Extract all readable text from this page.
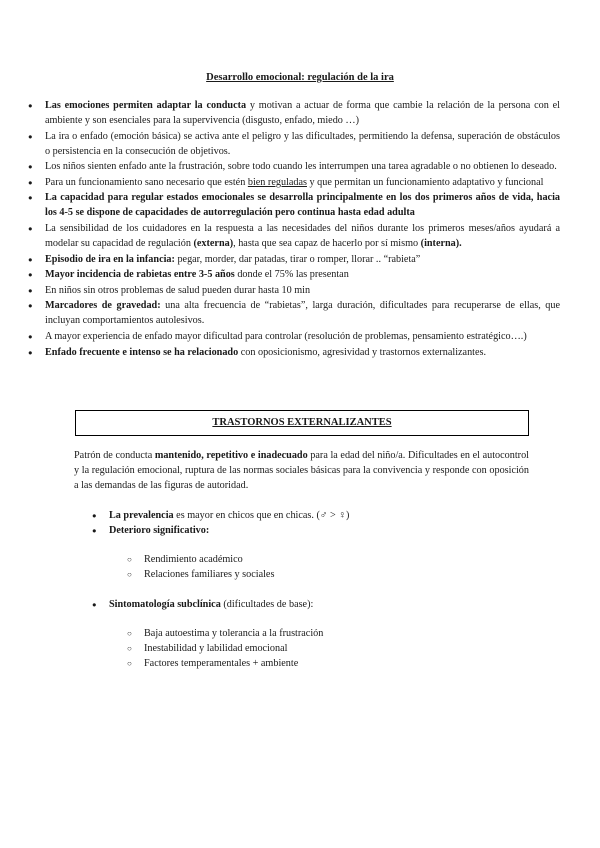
Desarrollo emocional: regulación de la ira
● Las emociones permiten adaptar la conducta y motivan a actuar de forma que cambie la relación de la persona con el ambiente y son esenciales para la supervivencia (disgusto, enfado, miedo …)
● La ira o enfado (emoción básica) se activa ante el peligro y las dificultades, permitiendo la defensa, superación de obstáculos o persistencia en la consecución de objetivos.
● Los niños sienten enfado ante la frustración, sobre todo cuando les interrumpen una tarea agradable o no obtienen lo deseado.
● Para un funcionamiento sano necesario que estén bien reguladas y que permitan un funcionamiento adaptativo y funcional
● La capacidad para regular estados emocionales se desarrolla principalmente en los dos primeros años de vida, hacia los 4-5 se dispone de capacidades de autorregulación pero continua hasta edad adulta
● La sensibilidad de los cuidadores en la respuesta a las necesidades del niños durante los primeros meses/años ayudará a modelar su capacidad de regulación (externa), hasta que sea capaz de hacerlo por sí mismo (interna).
● Episodio de ira en la infancia: pegar, morder, dar patadas, tirar o romper, llorar .. “rabieta”
● Mayor incidencia de rabietas entre 3-5 años donde el 75% las presentan
● En niños sin otros problemas de salud pueden durar hasta 10 min
● Marcadores de gravedad: una alta frecuencia de “rabietas”, larga duración, dificultades para recuperarse de ellas, que incluyan comportamientos autolesivos.
● A mayor experiencia de enfado mayor dificultad para controlar (resolución de problemas, pensamiento estratégico….)
● Enfado frecuente e intenso se ha relacionado con oposicionismo, agresividad y trastornos externalizantes.
TRASTORNOS EXTERNALIZANTES

Patrón de conducta mantenido, repetitivo e inadecuado para la edad del niño/a. Dificultades en el autocontrol y la regulación emocional, ruptura de las normas sociales básicas para la convivencia y responde con oposición a las demandas de las figuras de autoridad.

● La prevalencia es mayor en chicos que en chicas. (♂ > ♀)
● Deterioro significativo:
○ Rendimiento académico
○ Relaciones familiares y sociales
● Sintomatología subclínica (dificultades de base):
○ Baja autoestima y tolerancia a la frustración
○ Inestabilidad y labilidad emocional
○ Factores temperamentales + ambiente
